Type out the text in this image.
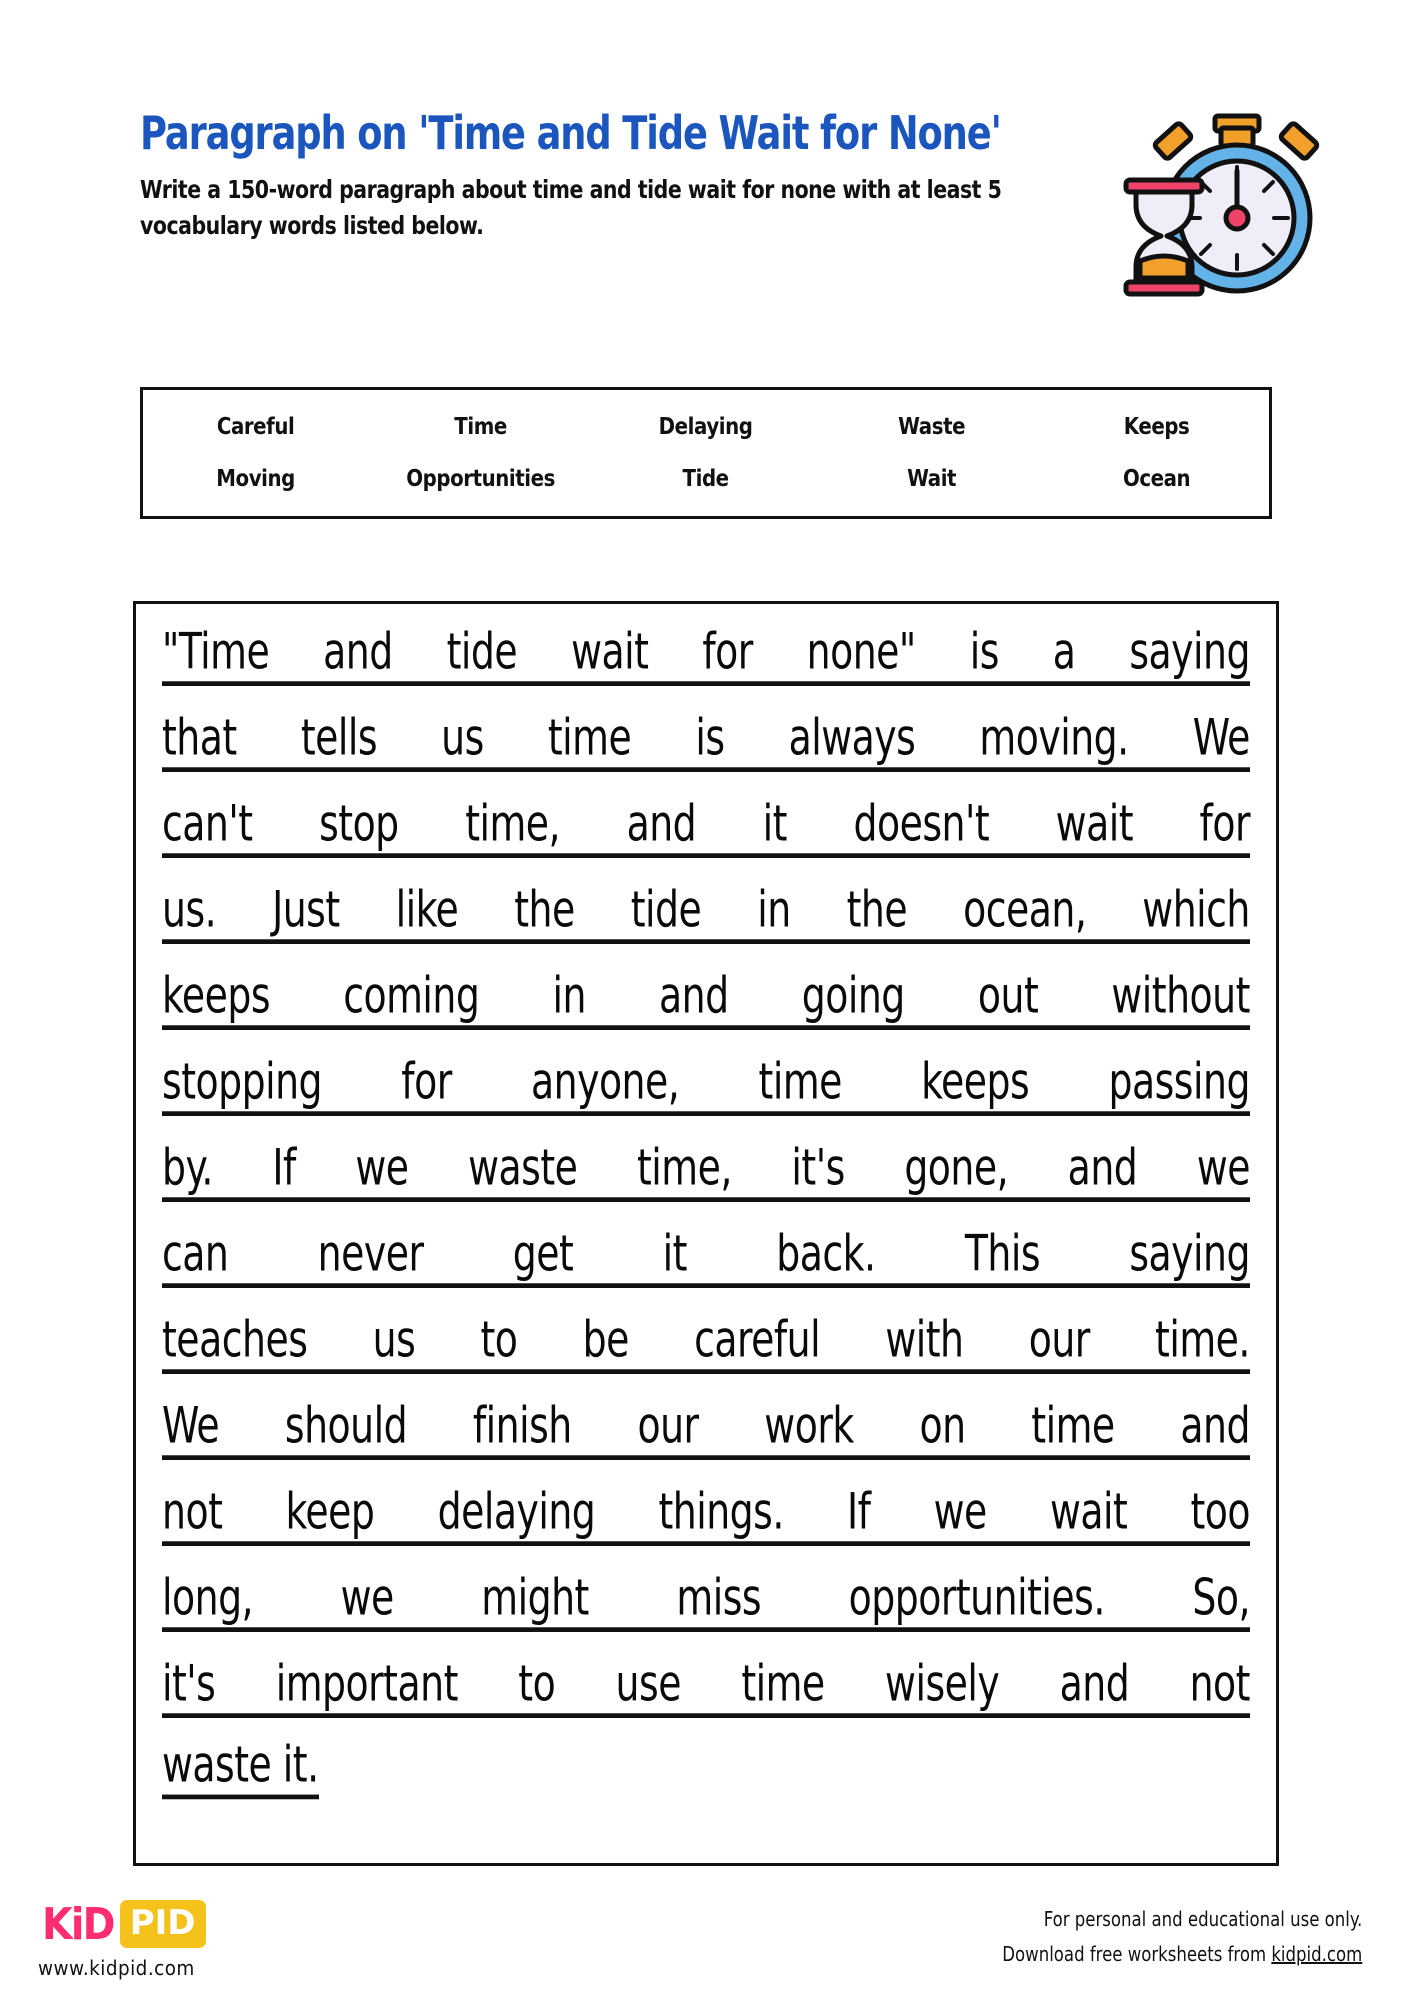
Paragraph on 'Time and Tide Wait for None'
Write a 150-word paragraph about time and tide wait for none with at least 5 vocabulary words listed below.
Careful	Time	Delaying	Waste	Keeps
Moving	Opportunities	Tide	Wait	Ocean
"Time and tide wait for none" is a saying
that tells us time is always moving. We
can't stop time, and it doesn't wait for
us. Just like the tide in the ocean, which
keeps coming in and going out without
stopping for anyone, time keeps passing
by. If we waste time, it's gone, and we
can never get it back. This saying
teaches us to be careful with our time.
We should finish our work on time and
not keep delaying things. If we wait too
long, we might miss opportunities. So,
it's important to use time wisely and not
waste it.
KiD PID
www.kidpid.com
For personal and educational use only.
Download free worksheets from kidpid.com
